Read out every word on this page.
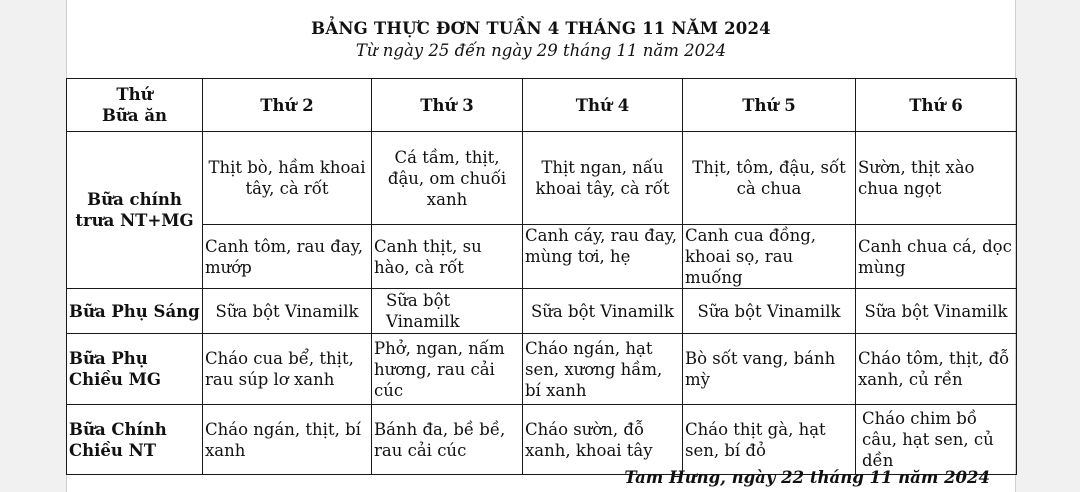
BẢNG THỰC ĐƠN TUẦN 4 THÁNG 11 NĂM 2024
Từ ngày 25 đến ngày 29 tháng 11 năm 2024
Thứ
Bữa ăn	Thứ 2	Thứ 3	Thứ 4	Thứ 5	Thứ 6
Bữa chính trưa NT+MG	Thịt bò, hầm khoai tây, cà rốt	Cá tầm, thịt, đậu, om chuối xanh	Thịt ngan, nấu khoai tây, cà rốt	Thịt, tôm, đậu, sốt cà chua	Sườn, thịt xào chua ngọt
	Canh tôm, rau đay, mướp	Canh thịt, su hào, cà rốt	Canh cáy, rau đay, mùng tơi, hẹ	Canh cua đồng, khoai sọ, rau muống	Canh chua cá, dọc mùng
Bữa Phụ Sáng	Sữa bột Vinamilk	Sữa bột Vinamilk	Sữa bột Vinamilk	Sữa bột Vinamilk	Sữa bột Vinamilk
Bữa Phụ Chiều MG	Cháo cua bể, thịt, rau súp lơ xanh	Phở, ngan, nấm hương, rau cải cúc	Cháo ngán, hạt sen, xương hầm, bí xanh	Bò sốt vang, bánh mỳ	Cháo tôm, thịt, đỗ xanh, củ rền
Bữa Chính Chiều NT	Cháo ngán, thịt, bí xanh	Bánh đa, bề bề, rau cải cúc	Cháo sườn, đỗ xanh, khoai tây	Cháo thịt gà, hạt sen, bí đỏ	Cháo chim bồ câu, hạt sen, củ dền
Tam Hưng, ngày 22 tháng 11 năm 2024
